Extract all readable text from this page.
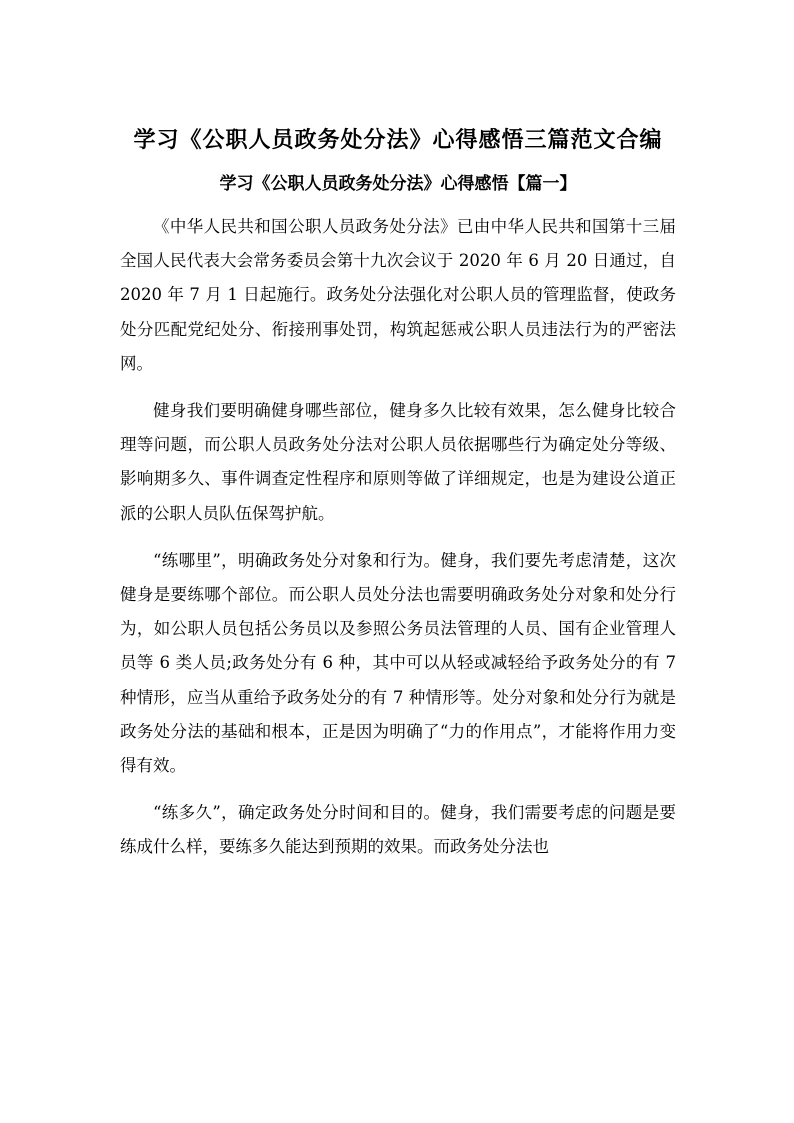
学习《公职人员政务处分法》心得感悟三篇范文合编
学习《公职人员政务处分法》心得感悟【篇一】

《中华人民共和国公职人员政务处分法》已由中华人民共和国第十三届全国人民代表大会常务委员会第十九次会议于 2020 年 6 月 20 日通过，自 2020 年 7 月 1 日起施行。政务处分法强化对公职人员的管理监督，使政务处分匹配党纪处分、衔接刑事处罚，构筑起惩戒公职人员违法行为的严密法网。

健身我们要明确健身哪些部位，健身多久比较有效果，怎么健身比较合理等问题，而公职人员政务处分法对公职人员依据哪些行为确定处分等级、影响期多久、事件调查定性程序和原则等做了详细规定，也是为建设公道正派的公职人员队伍保驾护航。

“练哪里”，明确政务处分对象和行为。健身，我们要先考虑清楚，这次健身是要练哪个部位。而公职人员处分法也需要明确政务处分对象和处分行为，如公职人员包括公务员以及参照公务员法管理的人员、国有企业管理人员等 6 类人员;政务处分有 6 种，其中可以从轻或减轻给予政务处分的有 7 种情形，应当从重给予政务处分的有 7 种情形等。处分对象和处分行为就是政务处分法的基础和根本，正是因为明确了“力的作用点”，才能将作用力变得有效。

“练多久”，确定政务处分时间和目的。健身，我们需要考虑的问题是要练成什么样，要练多久能达到预期的效果。而政务处分法也
